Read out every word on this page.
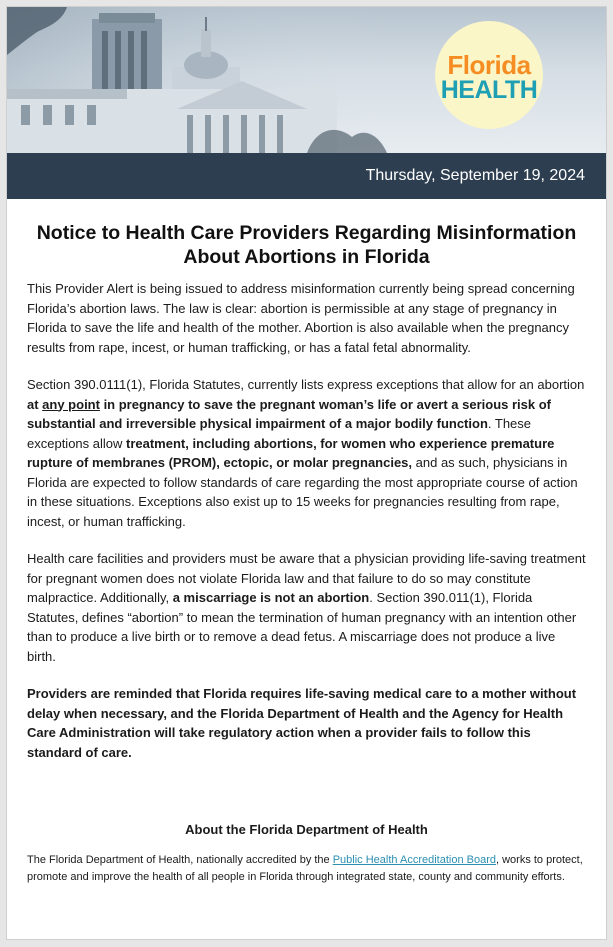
Florida
HEALTH
Thursday, September 19, 2024
Notice to Health Care Providers Regarding Misinformation About Abortions in Florida

This Provider Alert is being issued to address misinformation currently being spread concerning Florida’s abortion laws. The law is clear: abortion is permissible at any stage of pregnancy in Florida to save the life and health of the mother. Abortion is also available when the pregnancy results from rape, incest, or human trafficking, or has a fatal fetal abnormality.

Section 390.0111(1), Florida Statutes, currently lists express exceptions that allow for an abortion at any point in pregnancy to save the pregnant woman’s life or avert a serious risk of substantial and irreversible physical impairment of a major bodily function. These exceptions allow treatment, including abortions, for women who experience premature rupture of membranes (PROM), ectopic, or molar pregnancies, and as such, physicians in Florida are expected to follow standards of care regarding the most appropriate course of action in these situations. Exceptions also exist up to 15 weeks for pregnancies resulting from rape, incest, or human trafficking.

Health care facilities and providers must be aware that a physician providing life-saving treatment for pregnant women does not violate Florida law and that failure to do so may constitute malpractice. Additionally, a miscarriage is not an abortion. Section 390.011(1), Florida Statutes, defines “abortion” to mean the termination of human pregnancy with an intention other than to produce a live birth or to remove a dead fetus. A miscarriage does not produce a live birth.

Providers are reminded that Florida requires life-saving medical care to a mother without delay when necessary, and the Florida Department of Health and the Agency for Health Care Administration will take regulatory action when a provider fails to follow this standard of care.

About the Florida Department of Health
The Florida Department of Health, nationally accredited by the Public Health Accreditation Board, works to protect, promote and improve the health of all people in Florida through integrated state, county and community efforts.
